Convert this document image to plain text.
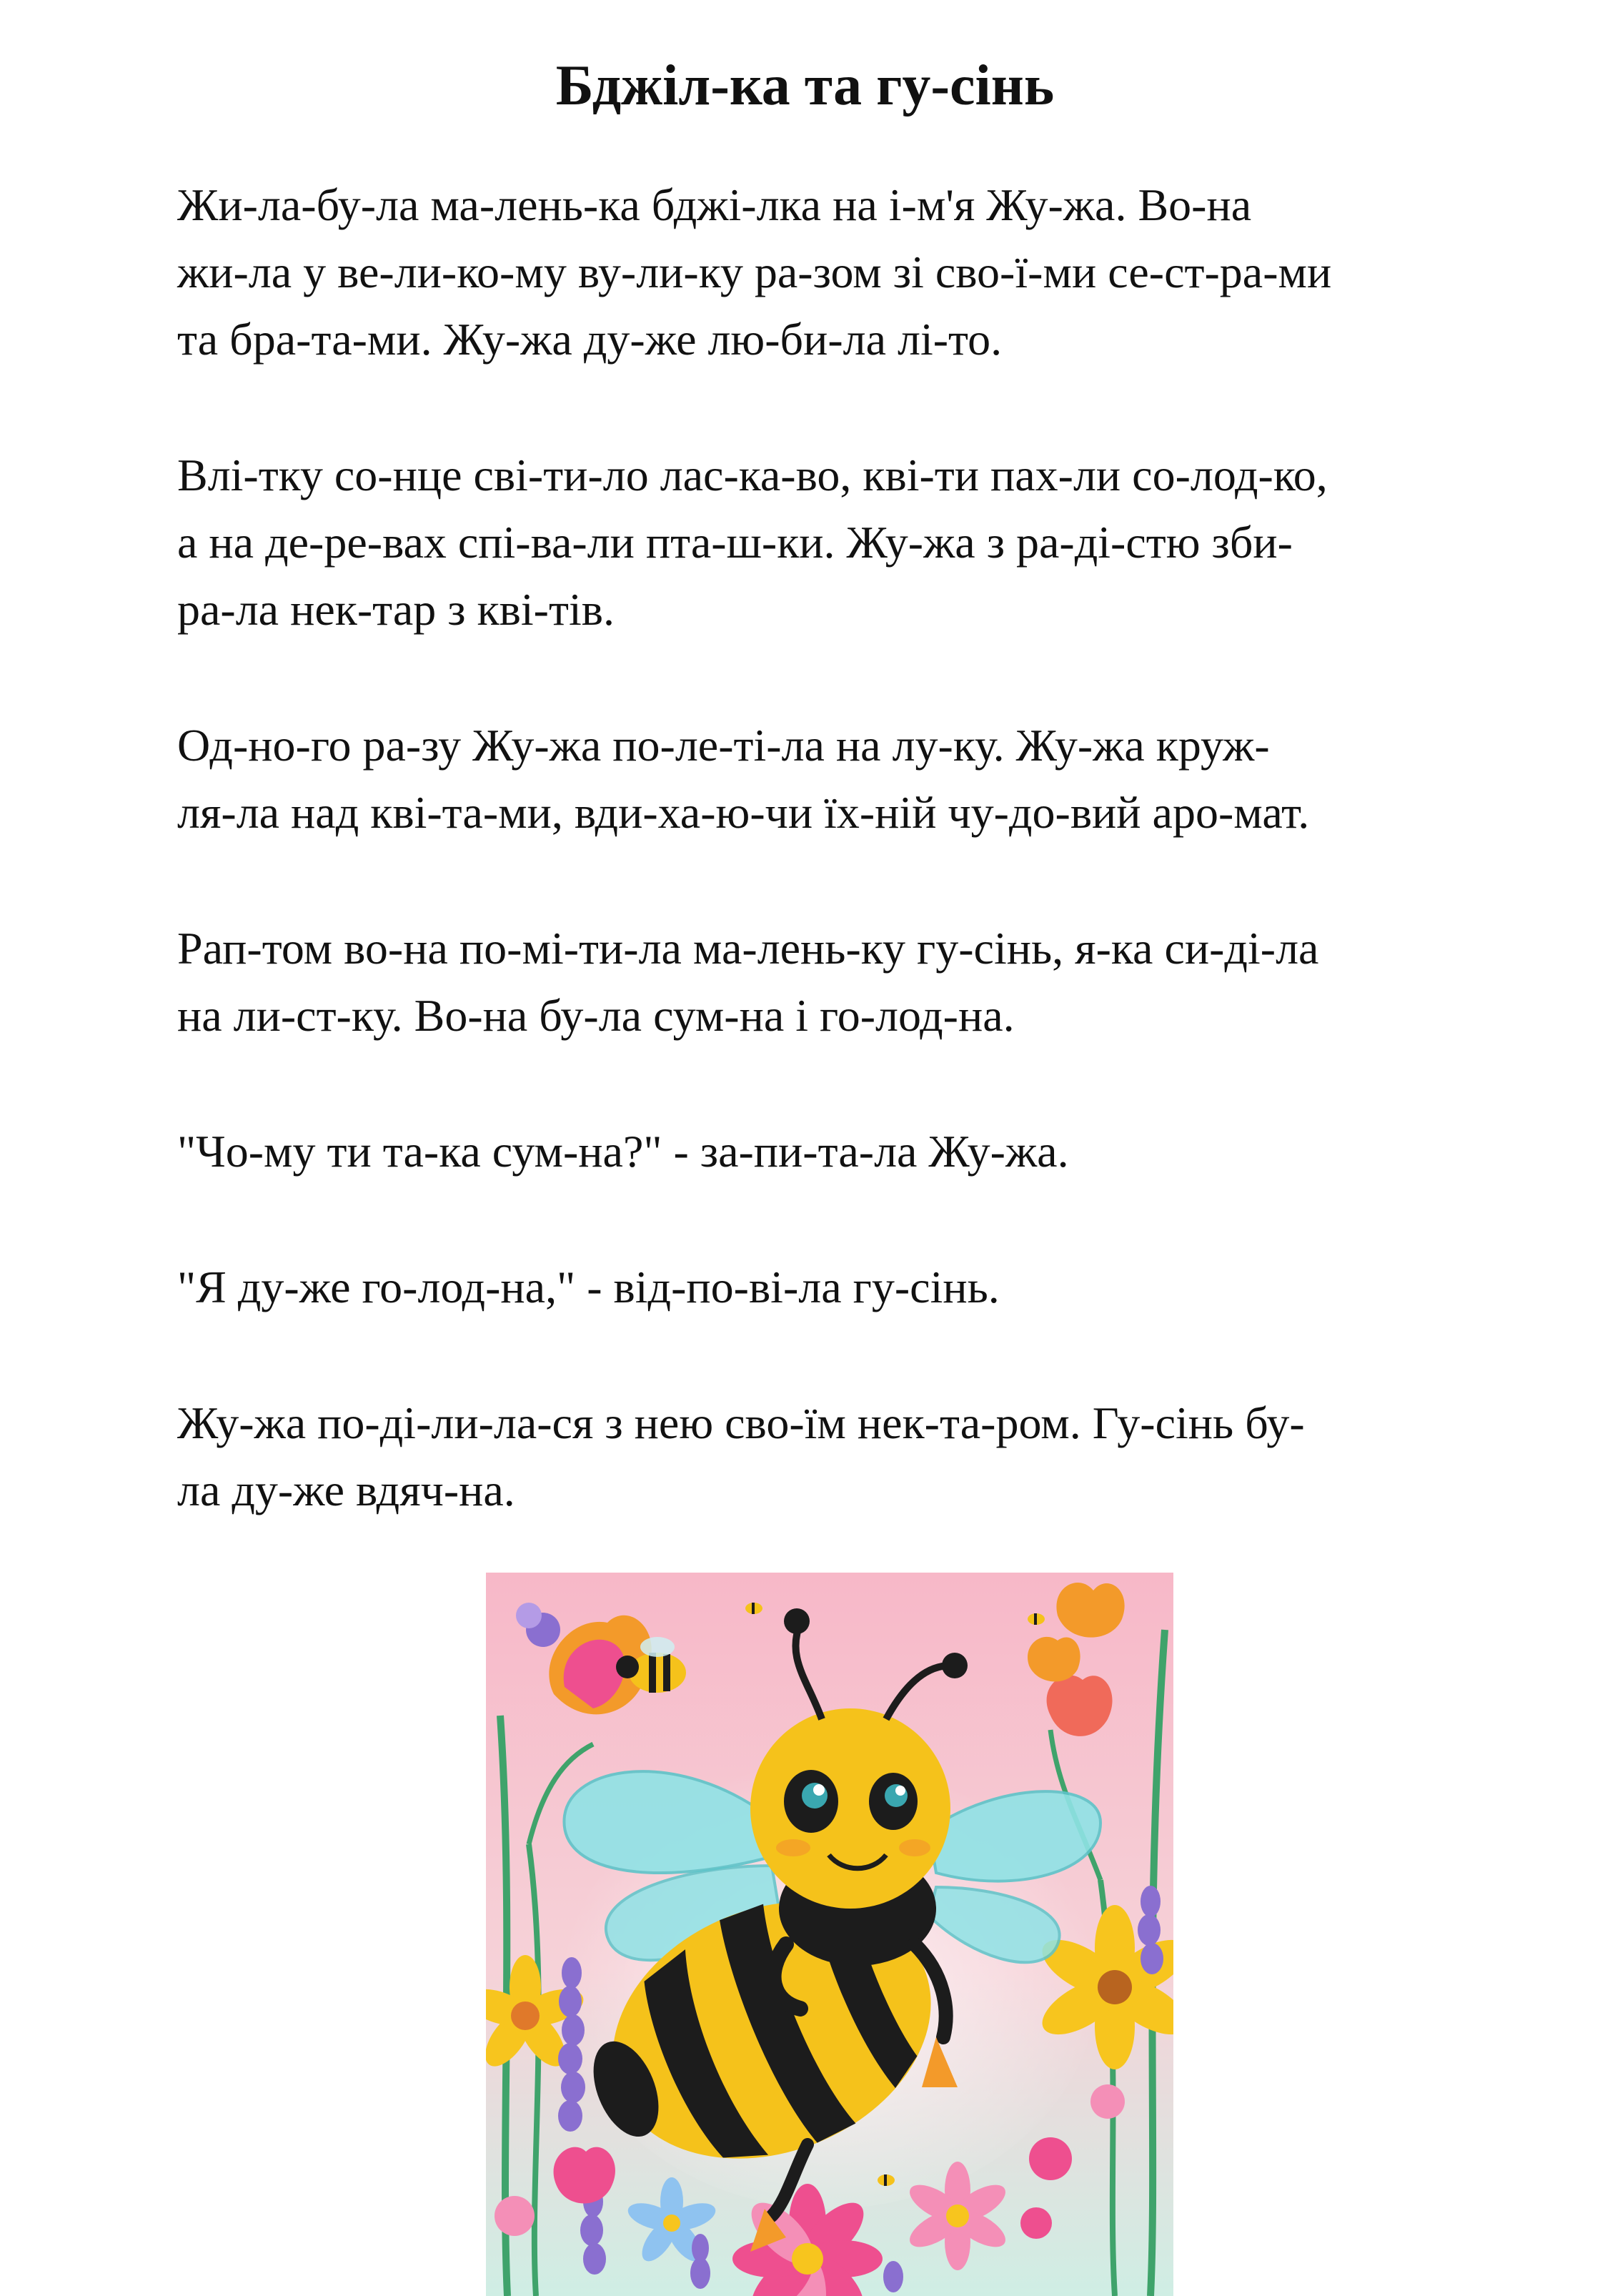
Бджіл-ка та гу-сінь

Жи-ла-бу-ла ма-лень-ка бджі-лка на і-м'я Жу-жа. Во-на
жи-ла у ве-ли-ко-му ву-ли-ку ра-зом зі сво-ї-ми се-ст-ра-ми
та бра-та-ми. Жу-жа ду-же лю-би-ла лі-то.

Влі-тку со-нце сві-ти-ло лас-ка-во, кві-ти пах-ли со-лод-ко,
а на де-ре-вах спі-ва-ли пта-ш-ки. Жу-жа з ра-ді-стю зби-
ра-ла нек-тар з кві-тів.

Од-но-го ра-зу Жу-жа по-ле-ті-ла на лу-ку. Жу-жа круж-
ля-ла над кві-та-ми, вди-ха-ю-чи їх-ній чу-до-вий аро-мат.

Рап-том во-на по-мі-ти-ла ма-лень-ку гу-сінь, я-ка си-ді-ла
на ли-ст-ку. Во-на бу-ла сум-на і го-лод-на.

"Чо-му ти та-ка сум-на?" - за-пи-та-ла Жу-жа.

"Я ду-же го-лод-на," - від-по-ві-ла гу-сінь.

Жу-жа по-ді-ли-ла-ся з нею сво-їм нек-та-ром. Гу-сінь бу-
ла ду-же вдяч-на.
